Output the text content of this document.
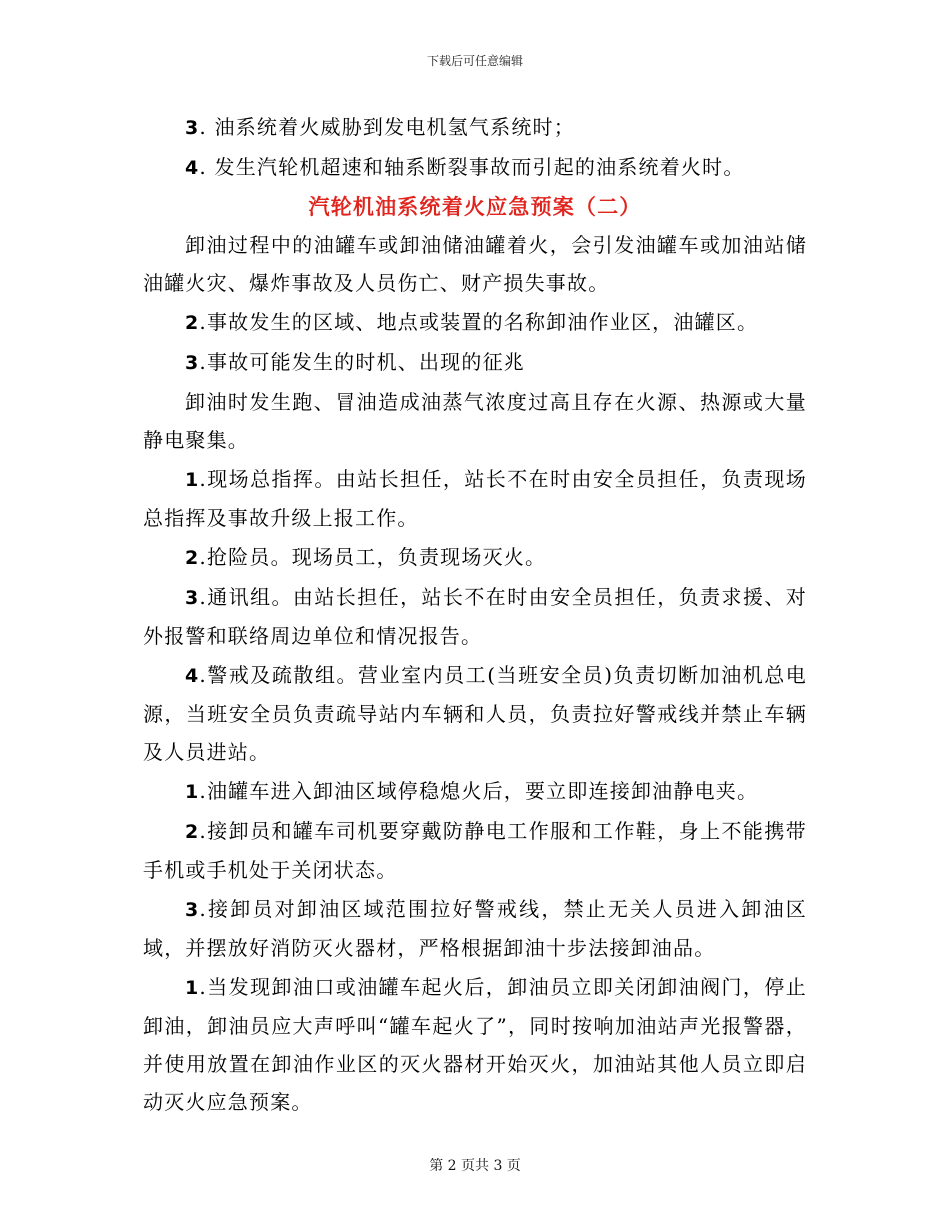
下载后可任意编辑

3. 油系统着火威胁到发电机氢气系统时；

4. 发生汽轮机超速和轴系断裂事故而引起的油系统着火时。

汽轮机油系统着火应急预案（二）

卸油过程中的油罐车或卸油储油罐着火，会引发油罐车或加油站储油罐火灾、爆炸事故及人员伤亡、财产损失事故。

2.事故发生的区域、地点或装置的名称卸油作业区，油罐区。

3.事故可能发生的时机、出现的征兆

卸油时发生跑、冒油造成油蒸气浓度过高且存在火源、热源或大量静电聚集。

1.现场总指挥。由站长担任，站长不在时由安全员担任，负责现场总指挥及事故升级上报工作。

2.抢险员。现场员工，负责现场灭火。

3.通讯组。由站长担任，站长不在时由安全员担任，负责求援、对外报警和联络周边单位和情况报告。

4.警戒及疏散组。营业室内员工(当班安全员)负责切断加油机总电源，当班安全员负责疏导站内车辆和人员，负责拉好警戒线并禁止车辆及人员进站。

1.油罐车进入卸油区域停稳熄火后，要立即连接卸油静电夹。

2.接卸员和罐车司机要穿戴防静电工作服和工作鞋，身上不能携带手机或手机处于关闭状态。

3.接卸员对卸油区域范围拉好警戒线，禁止无关人员进入卸油区域，并摆放好消防灭火器材，严格根据卸油十步法接卸油品。

1.当发现卸油口或油罐车起火后，卸油员立即关闭卸油阀门，停止卸油，卸油员应大声呼叫“罐车起火了”，同时按响加油站声光报警器，并使用放置在卸油作业区的灭火器材开始灭火，加油站其他人员立即启动灭火应急预案。

第 2 页共 3 页
